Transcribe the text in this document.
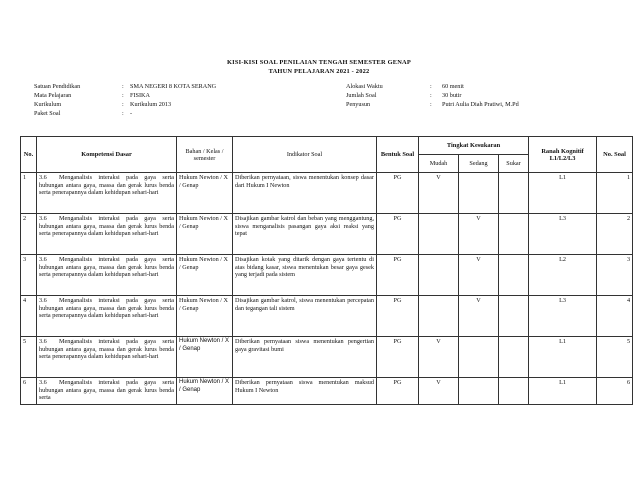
KISI-KISI SOAL PENILAIAN TENGAH SEMESTER GENAP
TAHUN PELAJARAN 2021 - 2022
Satuan Pendidikan	:	SMA NEGERI 8 KOTA SERANG
Mata Pelajaran	:	FISIKA
Kurikulum	:	Kurikulum 2013
Paket Soal	:	-
Alokasi Waktu	:	60 menit
Jumlah Soal	:	30 butir
Penyusun	:	Putri Aulia Diah Pratiwi, M.Pd
No.	Kompetensi Dasar	Bahan / Kelas / semester	Indikator Soal	Bentuk Soal	Tingkat Kesukaran			Ranah Kognitif L1/L2/L3	No. Soal
					Mudah	Sedang	Sukar		
1	3.6 Menganalisis interaksi pada gaya serta hubungan antara gaya, massa dan gerak lurus benda serta penerapannya dalam kehidupan sehari-hari	Hukum Newton / X / Genap	Diberikan pernyataan, siswa menentukan konsep dasar dari Hukum I Newton	PG	V			L1	1
2	3.6 Menganalisis interaksi pada gaya serta hubungan antara gaya, massa dan gerak lurus benda serta penerapannya dalam kehidupan sehari-hari	Hukum Newton / X / Genap	Disajikan gambar katrol dan beban yang menggantung, siswa menganalisis pasangan gaya aksi reaksi yang tepat	PG		V		L3	2
3	3.6 Menganalisis interaksi pada gaya serta hubungan antara gaya, massa dan gerak lurus benda serta penerapannya dalam kehidupan sehari-hari	Hukum Newton / X / Genap	Disajikan kotak yang ditarik dengan gaya tertentu di atas bidang kasar, siswa menentukan besar gaya gesek yang terjadi pada sistem	PG		V		L2	3
4	3.6 Menganalisis interaksi pada gaya serta hubungan antara gaya, massa dan gerak lurus benda serta penerapannya dalam kehidupan sehari-hari	Hukum Newton / X / Genap	Disajikan gambar katrol, siswa menentukan percepatan dan tegangan tali sistem	PG		V		L3	4
5	3.6 Menganalisis interaksi pada gaya serta hubungan antara gaya, massa dan gerak lurus benda serta penerapannya dalam kehidupan sehari-hari	Hukum Newton / X / Genap	Diberikan pernyataan siswa menentukan pengertian gaya gravitasi bumi	PG	V			L1	5
6	3.6 Menganalisis interaksi pada gaya serta hubungan antara gaya, massa dan gerak lurus benda serta	Hukum Newton / X / Genap	Diberikan pernyataan siswa menentukan maksud Hukum I Newton	PG	V			L1	6
